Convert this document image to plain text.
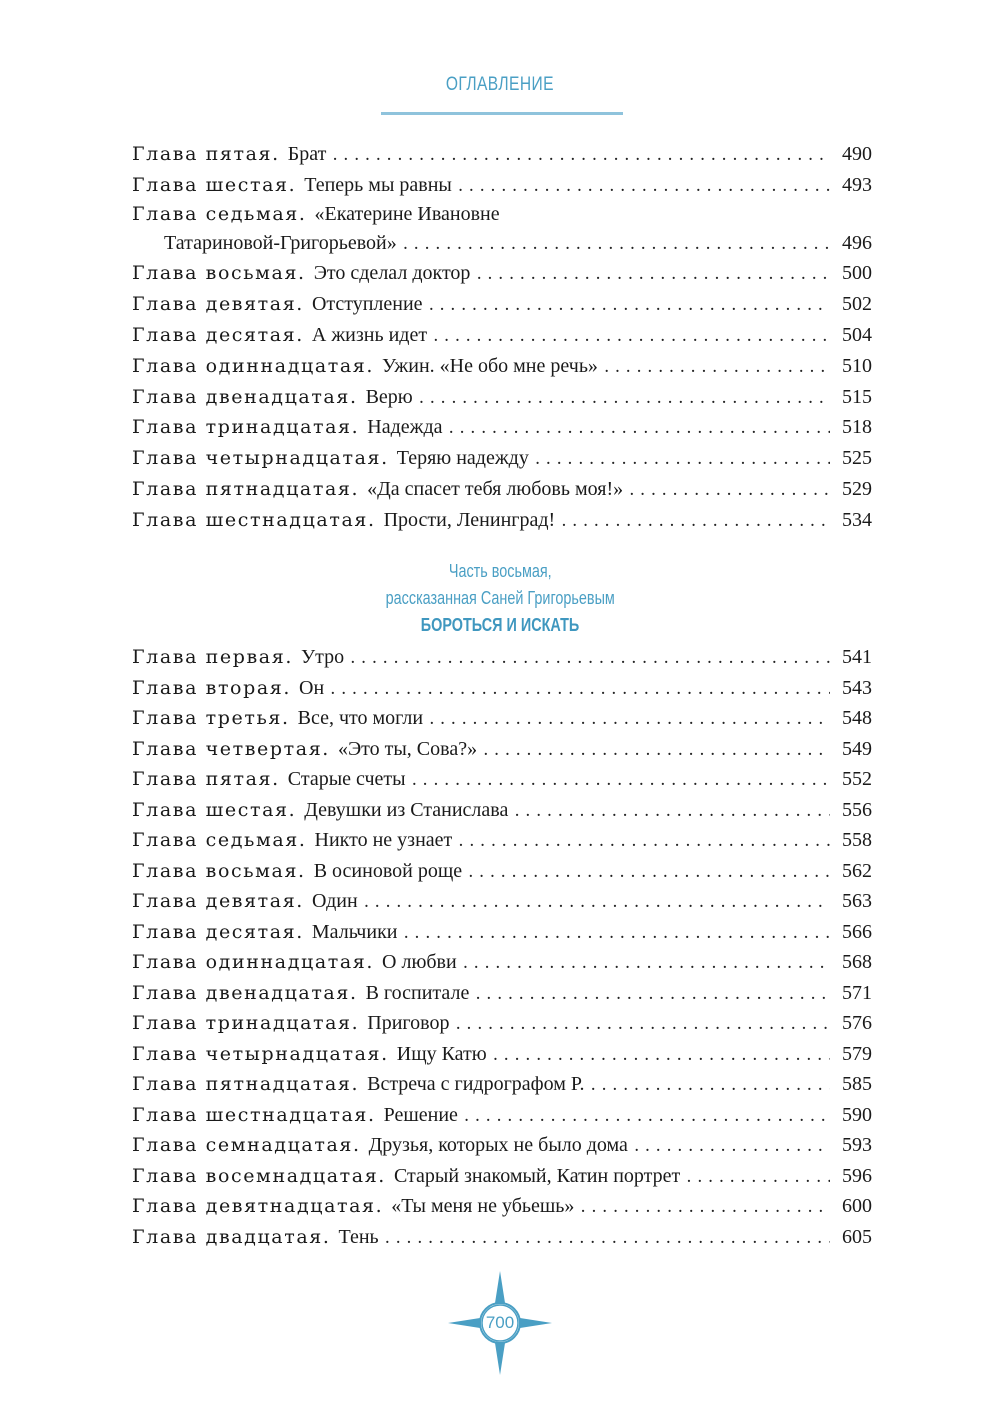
ОГЛАВЛЕНИЕ
Глава пятая. Брат . . .	490
Глава шестая. Теперь мы равны . . .	493
Глава седьмая. «Екатерине Ивановне
Татариновой-Григорьевой» . . .	496
Глава восьмая. Это сделал доктор . . .	500
Глава девятая. Отступление . . .	502
Глава десятая. А жизнь идет . . .	504
Глава одиннадцатая. Ужин. «Не обо мне речь» . . .	510
Глава двенадцатая. Верю . . .	515
Глава тринадцатая. Надежда . . .	518
Глава четырнадцатая. Теряю надежду . . .	525
Глава пятнадцатая. «Да спасет тебя любовь моя!» . . .	529
Глава шестнадцатая. Прости, Ленинград! . . .	534
Часть восьмая,
рассказанная Саней Григорьевым
БОРОТЬСЯ И ИСКАТЬ
Глава первая. Утро . . .	541
Глава вторая. Он . . .	543
Глава третья. Все, что могли . . .	548
Глава четвертая. «Это ты, Сова?» . . .	549
Глава пятая. Старые счеты . . .	552
Глава шестая. Девушки из Станислава . . .	556
Глава седьмая. Никто не узнает . . .	558
Глава восьмая. В осиновой роще . . .	562
Глава девятая. Один . . .	563
Глава десятая. Мальчики . . .	566
Глава одиннадцатая. О любви . . .	568
Глава двенадцатая. В госпитале . . .	571
Глава тринадцатая. Приговор . . .	576
Глава четырнадцатая. Ищу Катю . . .	579
Глава пятнадцатая. Встреча с гидрографом Р. . . .	585
Глава шестнадцатая. Решение . . .	590
Глава семнадцатая. Друзья, которых не было дома . . .	593
Глава восемнадцатая. Старый знакомый, Катин портрет . . .	596
Глава девятнадцатая. «Ты меня не убьешь» . . .	600
Глава двадцатая. Тень . . .	605
700
